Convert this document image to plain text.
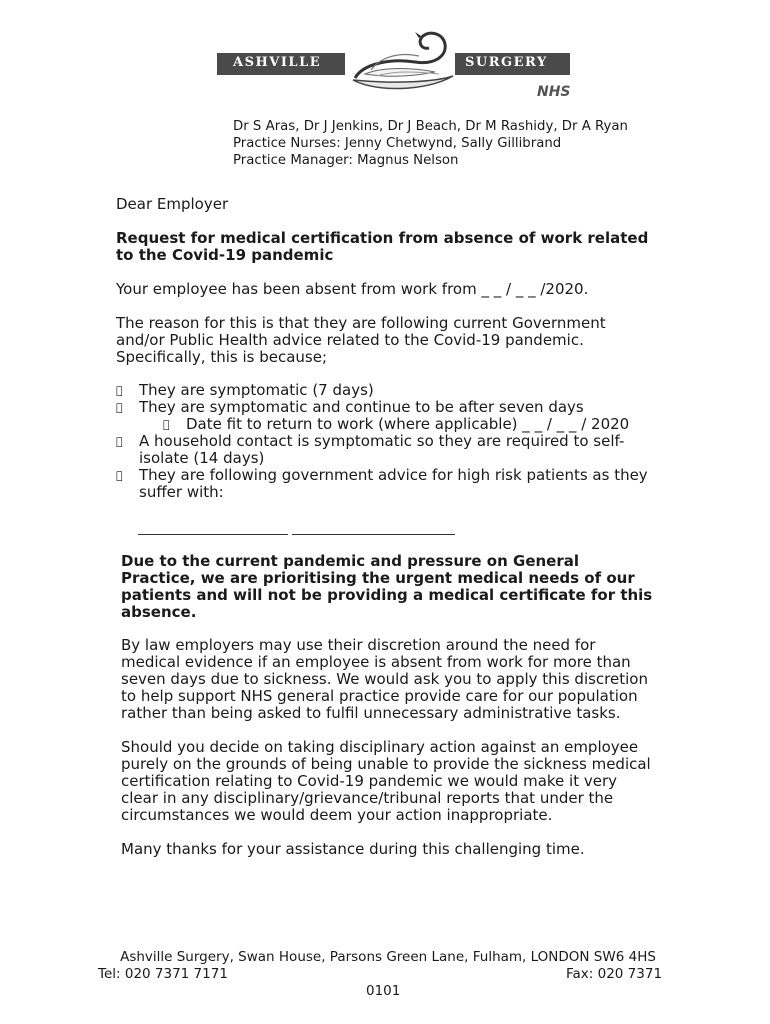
ASHVILLE	SURGERY
NHS
Dr S Aras, Dr J Jenkins, Dr J Beach, Dr M Rashidy, Dr A Ryan
Practice Nurses: Jenny Chetwynd, Sally Gillibrand
Practice Manager: Magnus Nelson
Dear Employer
Request for medical certification from absence of work related
to the Covid-19 pandemic
Your employee has been absent from work from _ _ / _ _ /2020.
The reason for this is that they are following current Government
and/or Public Health advice related to the Covid-19 pandemic.
Specifically, this is because;
They are symptomatic (7 days)
They are symptomatic and continue to be after seven days
Date fit to return to work (where applicable) _ _ / _ _ / 2020
A household contact is symptomatic so they are required to self-
isolate (14 days)
They are following government advice for high risk patients as they
suffer with:
Due to the current pandemic and pressure on General
Practice, we are prioritising the urgent medical needs of our
patients and will not be providing a medical certificate for this
absence.
By law employers may use their discretion around the need for
medical evidence if an employee is absent from work for more than
seven days due to sickness. We would ask you to apply this discretion
to help support NHS general practice provide care for our population
rather than being asked to fulfil unnecessary administrative tasks.
Should you decide on taking disciplinary action against an employee
purely on the grounds of being unable to provide the sickness medical
certification relating to Covid-19 pandemic we would make it very
clear in any disciplinary/grievance/tribunal reports that under the
circumstances we would deem your action inappropriate.
Many thanks for your assistance during this challenging time.
Ashville Surgery, Swan House, Parsons Green Lane, Fulham, LONDON SW6 4HS
Tel: 020 7371 7171	Fax: 020 7371
0101
